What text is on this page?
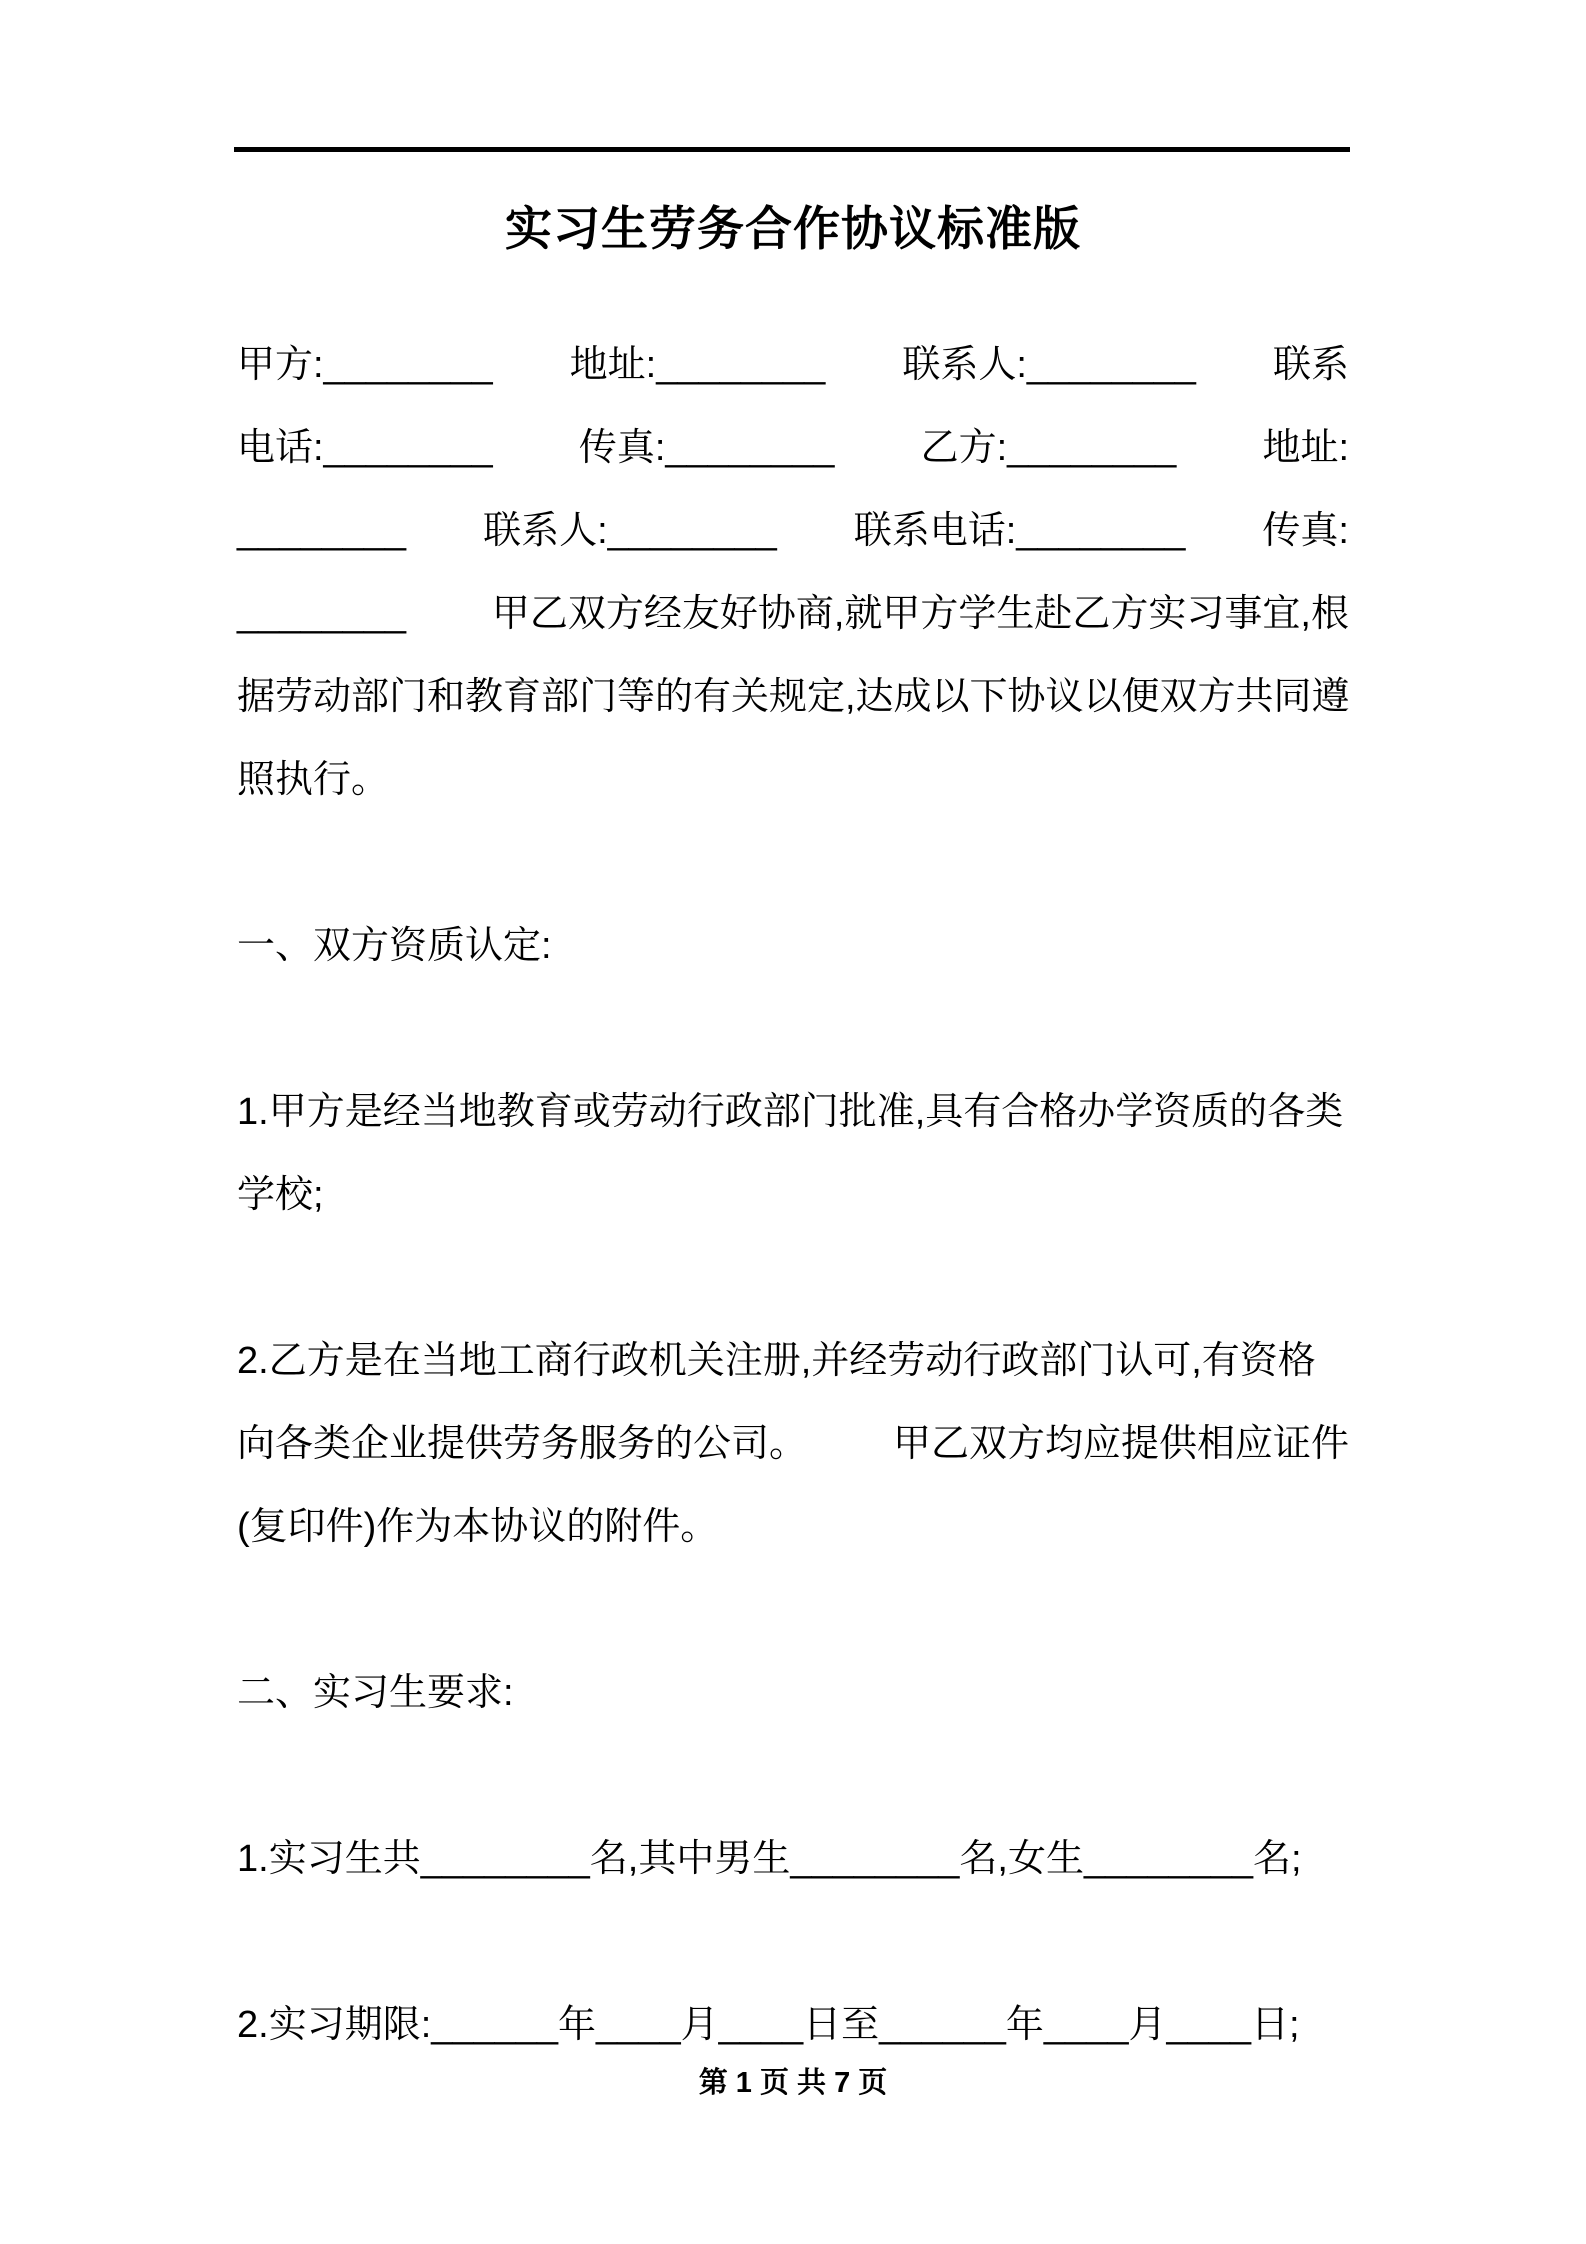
实习生劳务合作协议标准版
甲方:________ 地址:________ 联系人:________ 联系
电话:________ 传真:________ 乙方:________ 地址:
________ 联系人:________ 联系电话:________ 传真:
________ 甲乙双方经友好协商,就甲方学生赴乙方实习事宜,根
据劳动部门和教育部门等的有关规定,达成以下协议以便双方共同遵
照执行。
一、双方资质认定:
1.甲方是经当地教育或劳动行政部门批准,具有合格办学资质的各类
学校;
2.乙方是在当地工商行政机关注册,并经劳动行政部门认可,有资格
向各类企业提供劳务服务的公司。 甲乙双方均应提供相应证件
(复印件)作为本协议的附件。
二、实习生要求:
1.实习生共________名,其中男生________名,女生________名;
2.实习期限:______年____月____日至______年____月____日;
第 1 页 共 7 页
